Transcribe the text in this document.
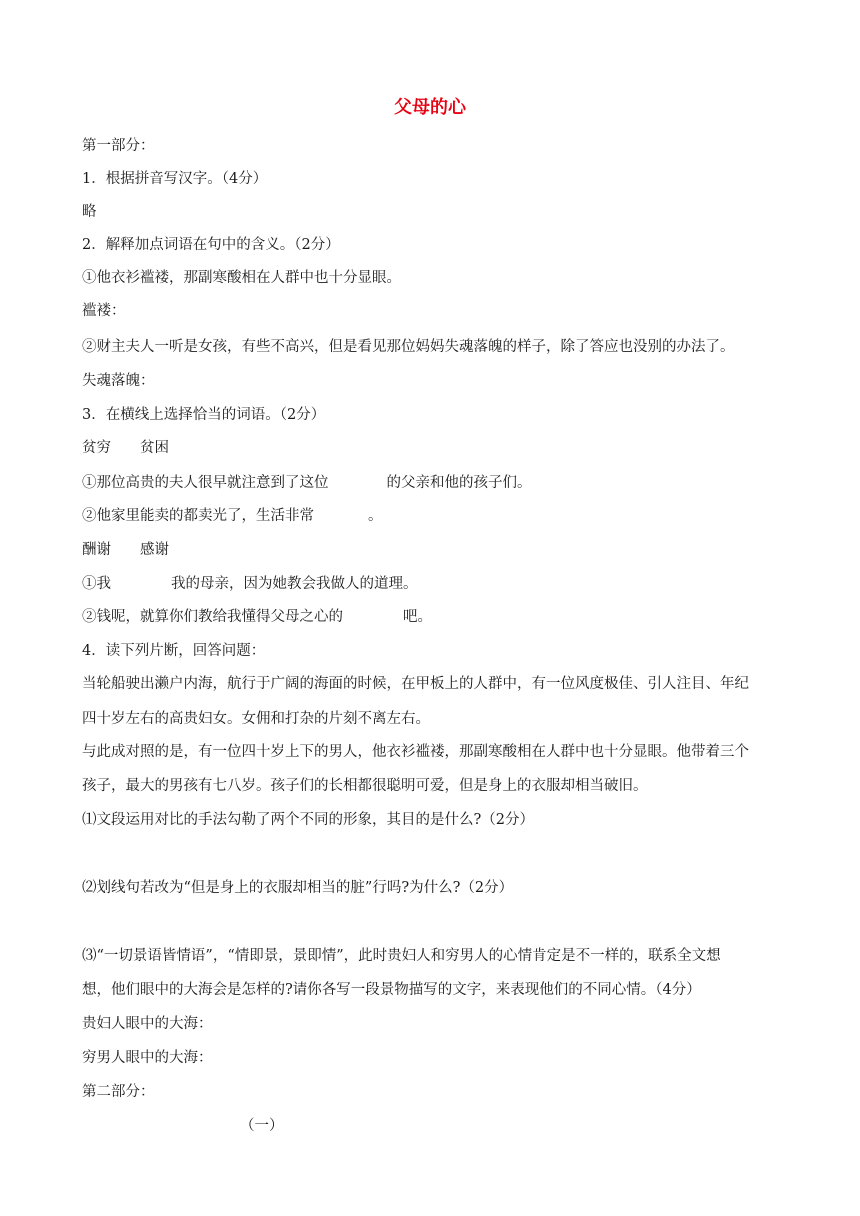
父母的心
第一部分：
1．根据拼音写汉字。（4分）
略
2．解释加点词语在句中的含义。（2分）
①他衣衫褴褛，那副寒酸相在人群中也十分显眼。
褴褛：
②财主夫人一听是女孩，有些不高兴，但是看见那位妈妈失魂落魄的样子，除了答应也没别的办法了。
失魂落魄：
3．在横线上选择恰当的词语。（2分）
贫穷　　贫困
①那位高贵的夫人很早就注意到了这位	的父亲和他的孩子们。
②他家里能卖的都卖光了，生活非常	。
酬谢　　感谢
①我	我的母亲，因为她教会我做人的道理。
②钱呢，就算你们教给我懂得父母之心的	吧。
4．读下列片断，回答问题：
当轮船驶出濑户内海，航行于广阔的海面的时候，在甲板上的人群中，有一位风度极佳、引人注目、年纪
四十岁左右的高贵妇女。女佣和打杂的片刻不离左右。
与此成对照的是，有一位四十岁上下的男人，他衣衫褴褛，那副寒酸相在人群中也十分显眼。他带着三个
孩子，最大的男孩有七八岁。孩子们的长相都很聪明可爱，但是身上的衣服却相当破旧。
⑴文段运用对比的手法勾勒了两个不同的形象，其目的是什么?（2分）
⑵划线句若改为“但是身上的衣服却相当的脏”行吗?为什么?（2分）
⑶“一切景语皆情语”，“情即景，景即情”，此时贵妇人和穷男人的心情肯定是不一样的，联系全文想
想，他们眼中的大海会是怎样的?请你各写一段景物描写的文字，来表现他们的不同心情。（4分）
贵妇人眼中的大海：
穷男人眼中的大海：
第二部分：
（一）
